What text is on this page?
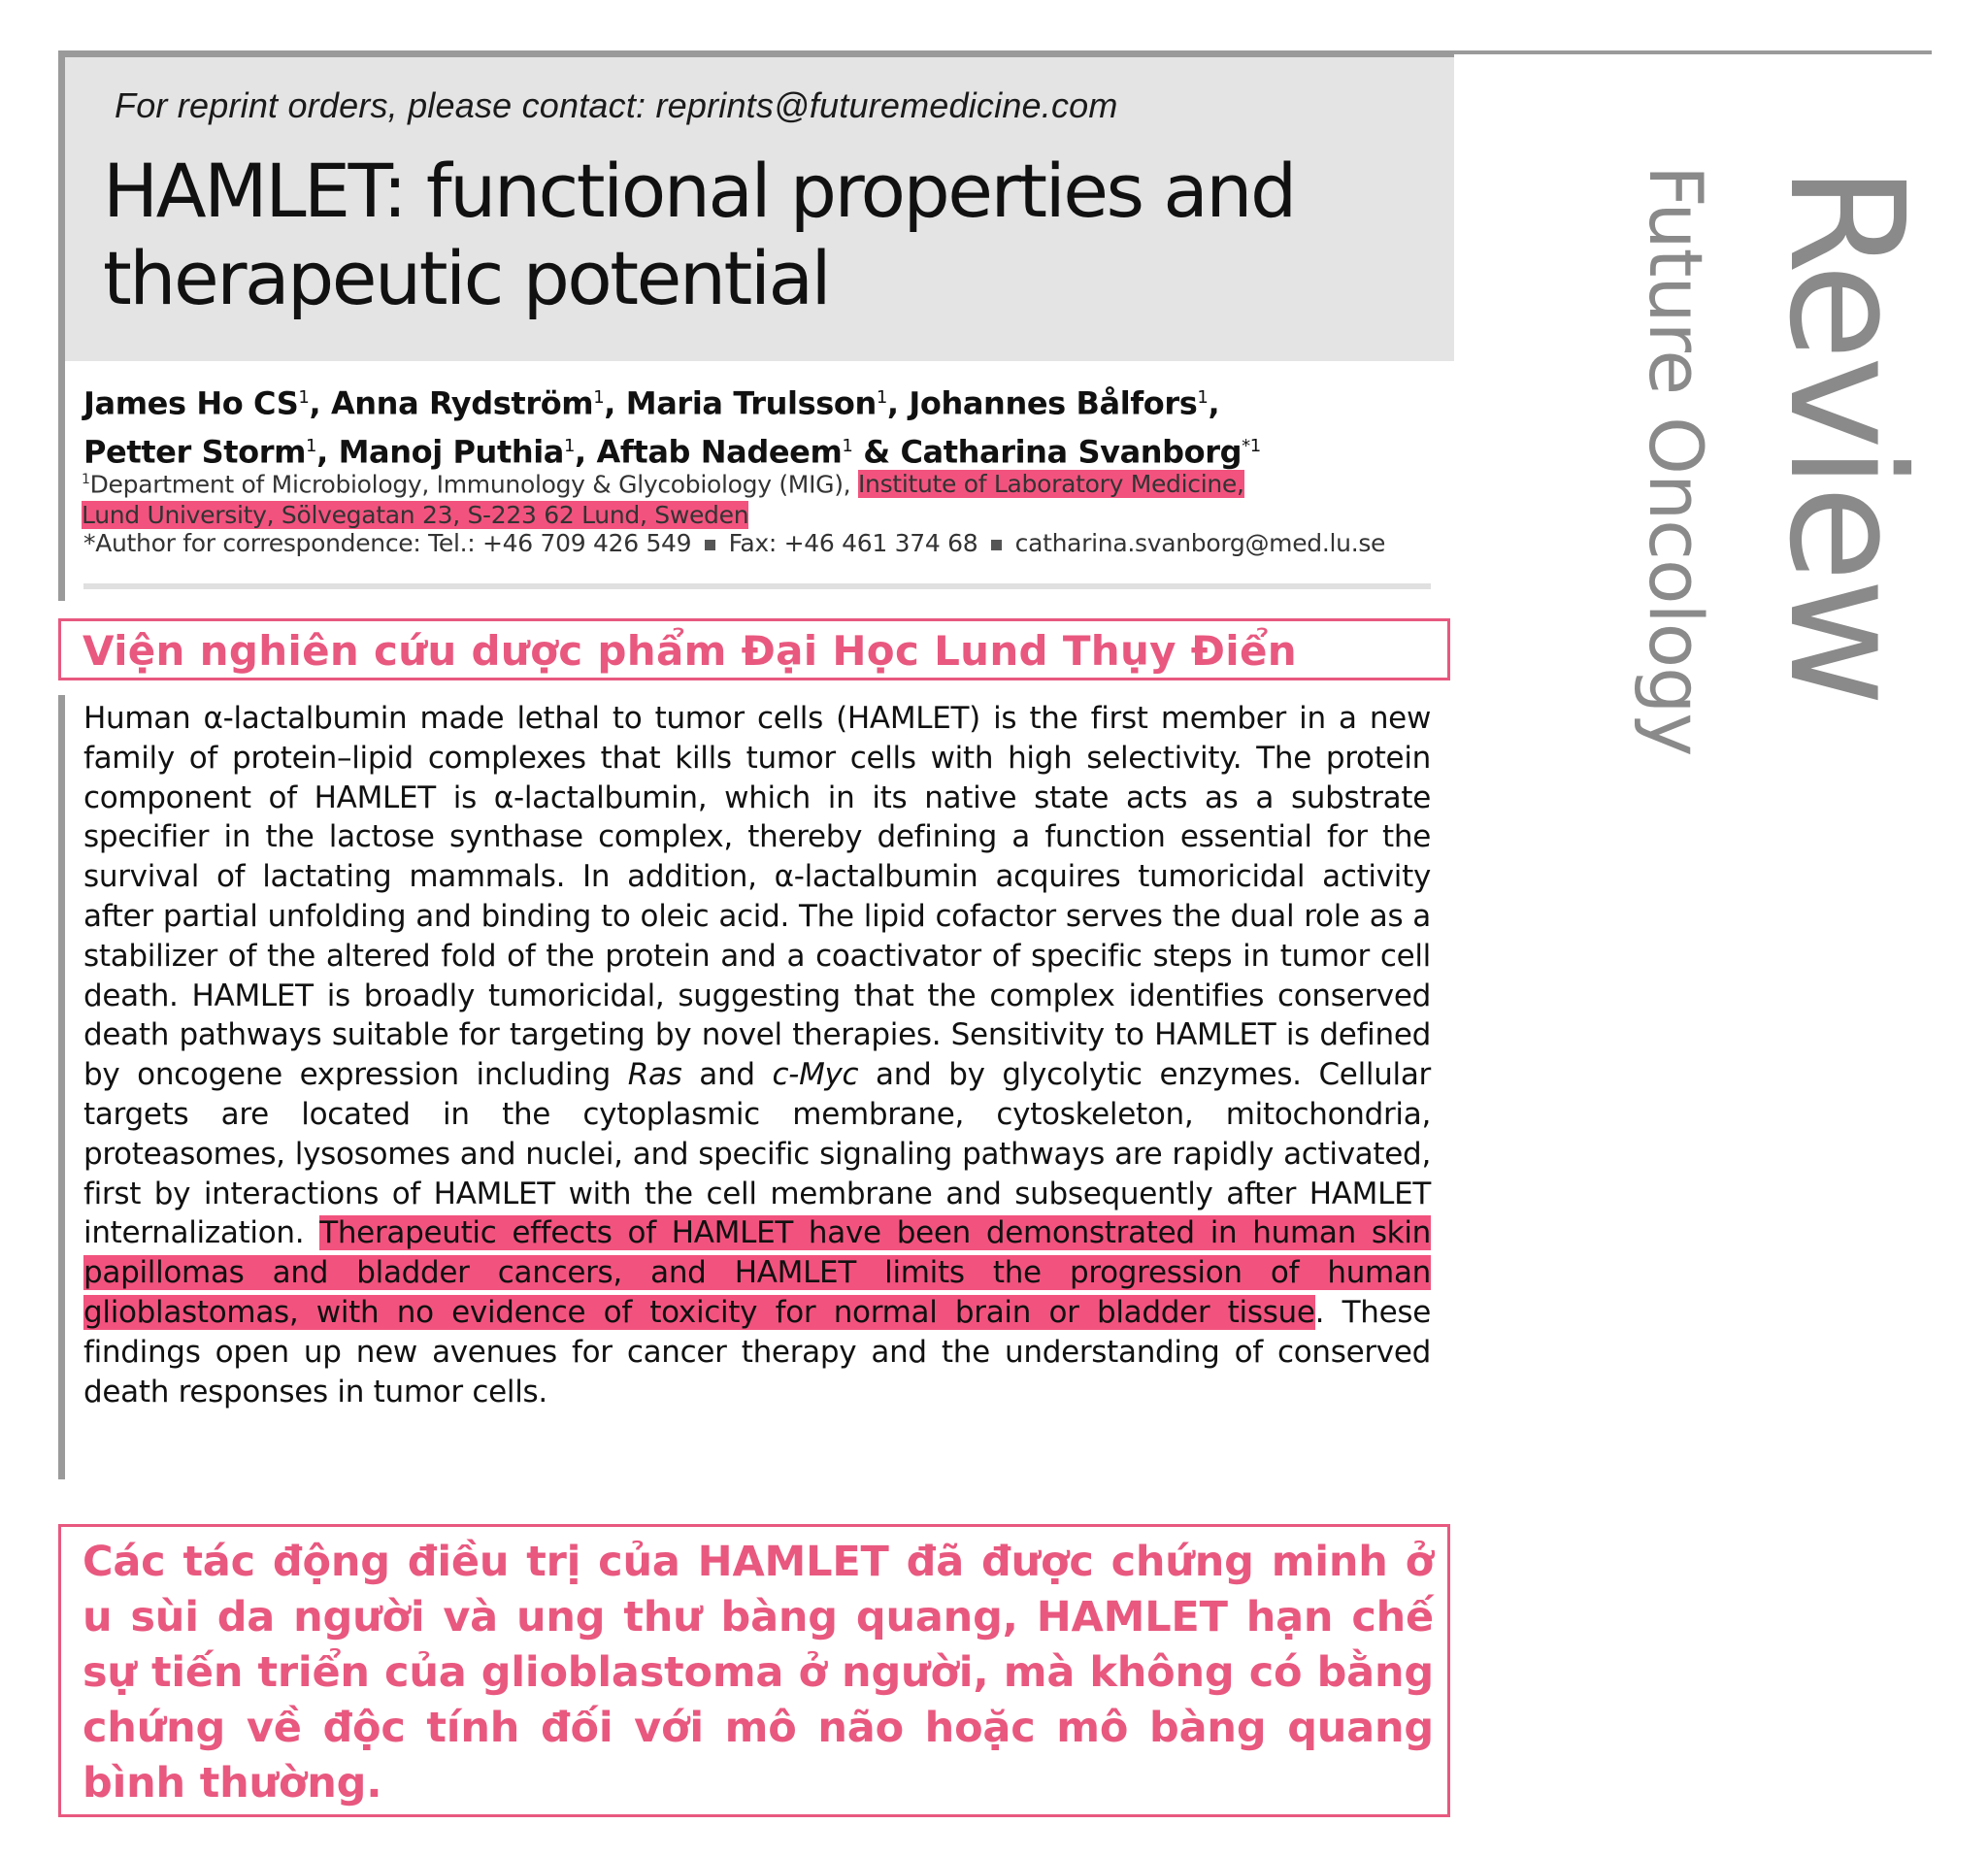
For reprint orders, please contact: reprints@futuremedicine.com
HAMLET: functional properties and therapeutic potential
James Ho $CS^1$, Anna Rydström$^1$, Maria Trulsson$^1$, Johannes Bålfors$^1$,
Petter Storm$^1$, Manoj Puthia$^1$, Aftab Nadeem$^1$ & Catharina Svanborg$^{*1}$
$^1$Department of Microbiology, Immunology & Glycobiology (MIG), Institute of Laboratory Medicine,
Lund University, Sölvegatan 23, S-223 62 Lund, Sweden
*Author for correspondence: Tel.: +46 709 426 549 Fax: +46 461 374 68 catharina.svanborg@med.lu.se
Viện nghiên cứu dược phẩm Đại Học Lund Thụy Điển

Human α-lactalbumin made lethal to tumor cells (HAMLET) is the first member in a new family of protein–lipid complexes that kills tumor cells with high selectivity. The protein component of HAMLET is α-lactalbumin, which in its native state acts as a substrate specifier in the lactose synthase complex, thereby defining a function essential for the survival of lactating mammals. In addition, α-lactalbumin acquires tumoricidal activity after partial unfolding and binding to oleic acid. The lipid cofactor serves the dual role as a stabilizer of the altered fold of the protein and a coactivator of specific steps in tumor cell death. HAMLET is broadly tumoricidal, suggesting that the complex identifies conserved death pathways suitable for targeting by novel therapies. Sensitivity to HAMLET is defined by oncogene expression including Ras and c-Myc and by glycolytic enzymes. Cellular targets are located in the cytoplasmic membrane, cytoskeleton, mitochondria, proteasomes, lysosomes and nuclei, and specific signaling pathways are rapidly activated, first by interactions of HAMLET with the cell membrane and subsequently after HAMLET internalization. Therapeutic effects of HAMLET have been demonstrated in human skin papillomas and bladder cancers, and HAMLET limits the progression of human glioblastomas, with no evidence of toxicity for normal brain or bladder tissue. These findings open up new avenues for cancer therapy and the understanding of conserved death responses in tumor cells.

Các tác động điều trị của HAMLET đã được chứng minh ở u sùi da người và ung thư bàng quang, HAMLET hạn chế sự tiến triển của glioblastoma ở người, mà không có bằng chứng về độc tính đối với mô não hoặc mô bàng quang bình thường.

Review
Future Oncology
